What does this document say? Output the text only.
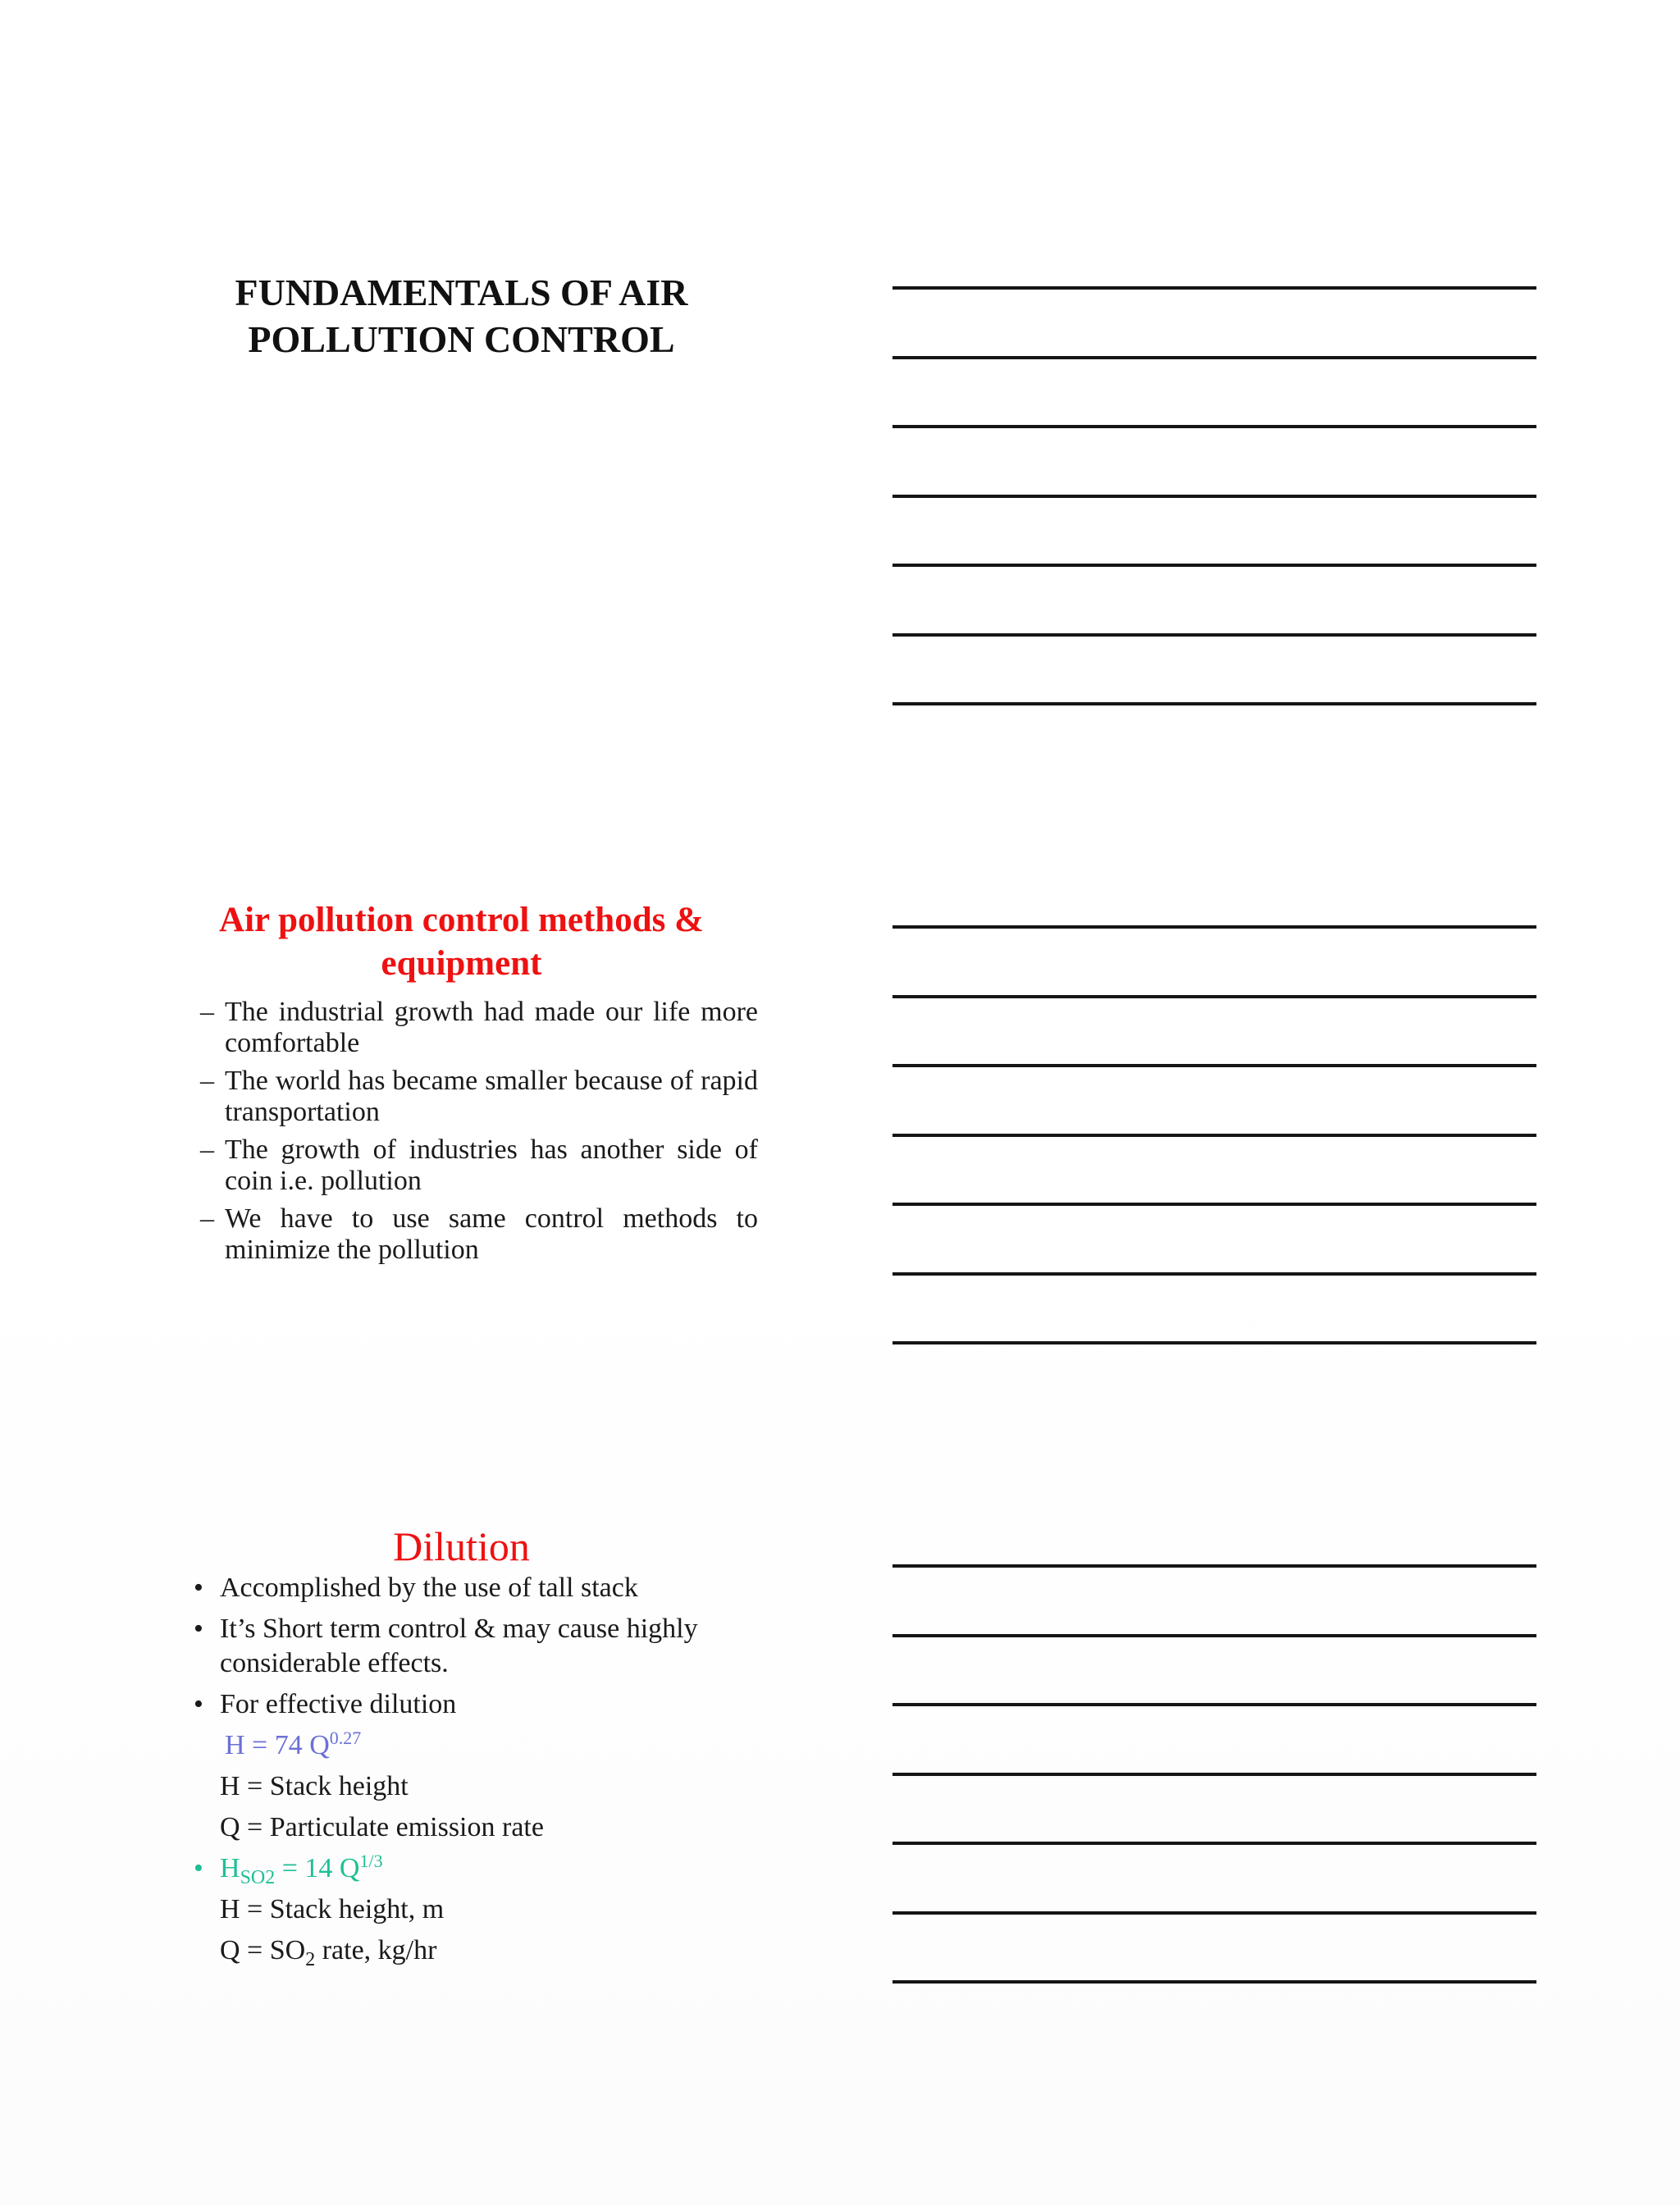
FUNDAMENTALS OF AIR
POLLUTION CONTROL
Air pollution control methods &
equipment
– The industrial growth had made our life more comfortable
– The world has became smaller because of rapid transportation
– The growth of industries has another side of coin i.e. pollution
– We have to use same control methods to minimize the pollution
Dilution
• Accomplished by the use of tall stack
• It’s Short term control & may cause highly
considerable effects.
• For effective dilution
H = 74 $Q^{0.27}$
H = Stack height
Q = Particulate emission rate
• $H_{SO2} = 14$ $Q^{1/3}$
H = Stack height, m
$Q = SO_2$ rate, kg/hr
